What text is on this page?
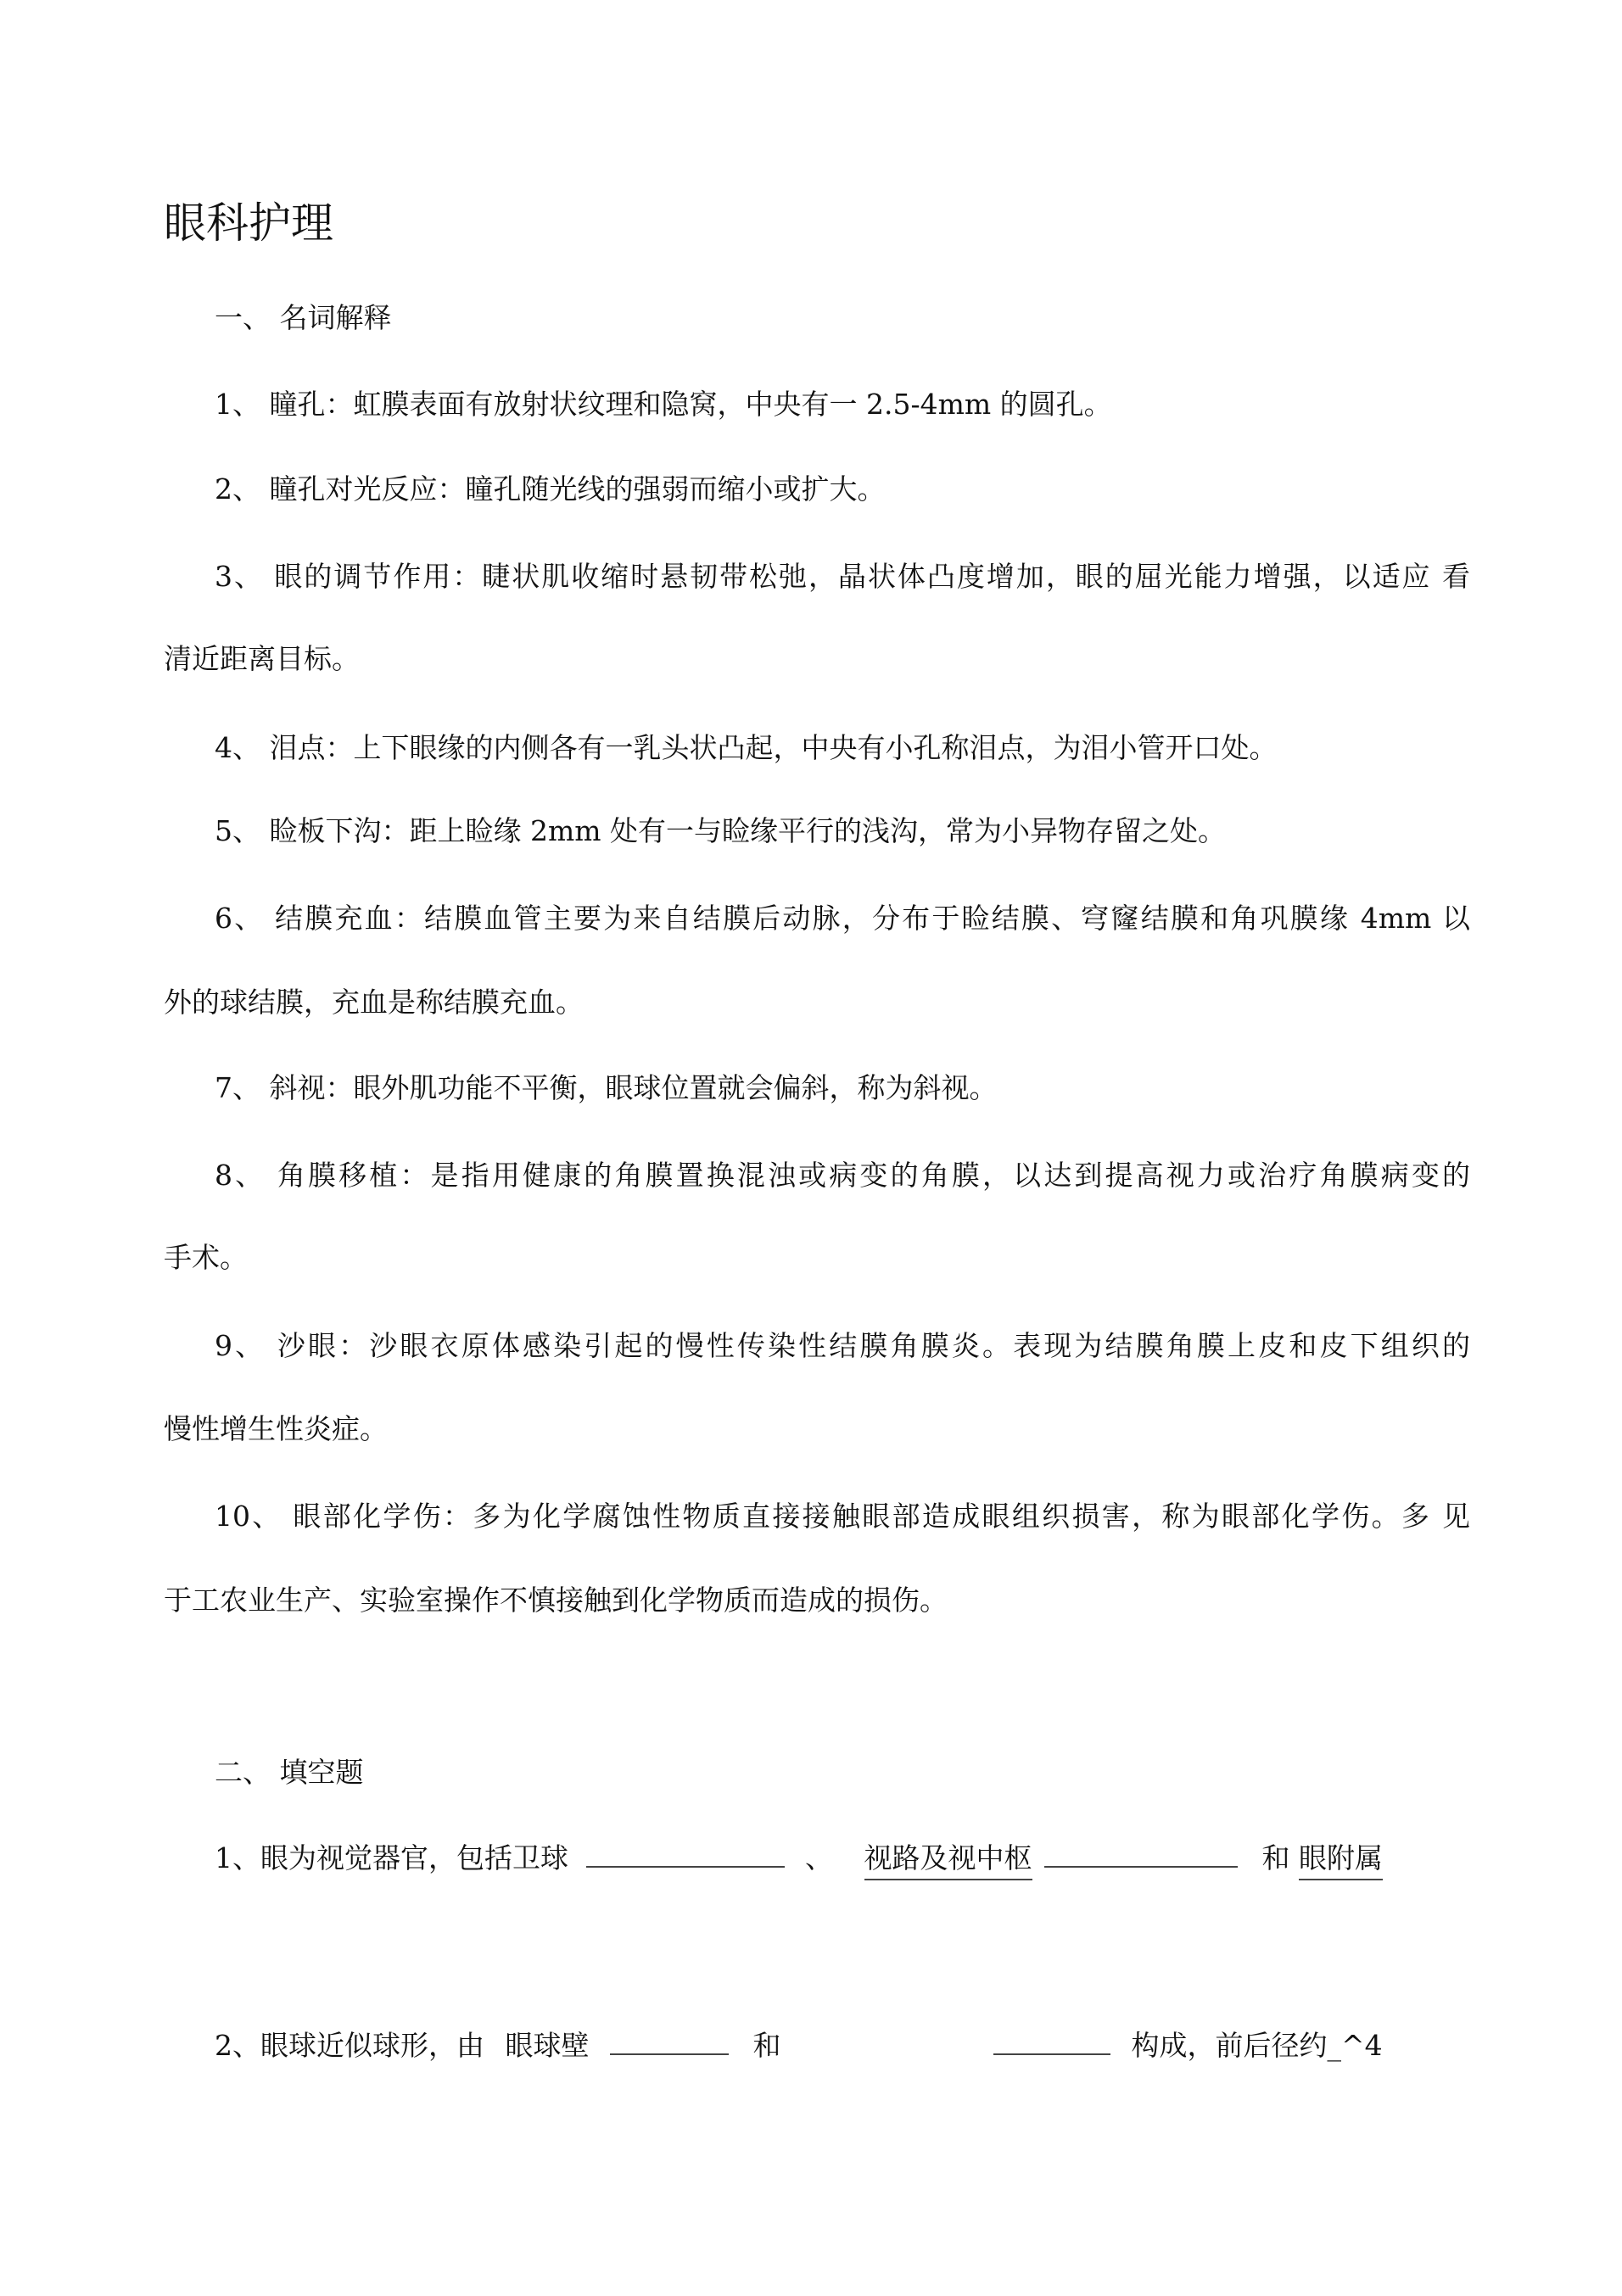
眼科护理
一、 名词解释
1、 瞳孔：虹膜表面有放射状纹理和隐窝，中央有一 2.5-4mm 的圆孔。
2、 瞳孔对光反应：瞳孔随光线的强弱而缩小或扩大。
3、 眼的调节作用：睫状肌收缩时悬韧带松弛，晶状体凸度增加，眼的屈光能力增强，以适应 看
清近距离目标。
4、 泪点：上下眼缘的内侧各有一乳头状凸起，中央有小孔称泪点，为泪小管开口处。
5、 睑板下沟：距上睑缘 2mm 处有一与睑缘平行的浅沟，常为小异物存留之处。
6、 结膜充血：结膜血管主要为来自结膜后动脉，分布于睑结膜、穹窿结膜和角巩膜缘 4mm 以
外的球结膜，充血是称结膜充血。
7、 斜视：眼外肌功能不平衡，眼球位置就会偏斜，称为斜视。
8、 角膜移植：是指用健康的角膜置换混浊或病变的角膜，以达到提高视力或治疗角膜病变的
手术。
9、 沙眼：沙眼衣原体感染引起的慢性传染性结膜角膜炎。表现为结膜角膜上皮和皮下组织的
慢性增生性炎症。
10、 眼部化学伤：多为化学腐蚀性物质直接接触眼部造成眼组织损害，称为眼部化学伤。多 见
于工农业生产、实验室操作不慎接触到化学物质而造成的损伤。
二、 填空题
1、眼为视觉器官，包括卫球	、 视路及视中枢	和 眼附属
2、眼球近似球形，由 眼球壁	和	构成，前后径约_^4
